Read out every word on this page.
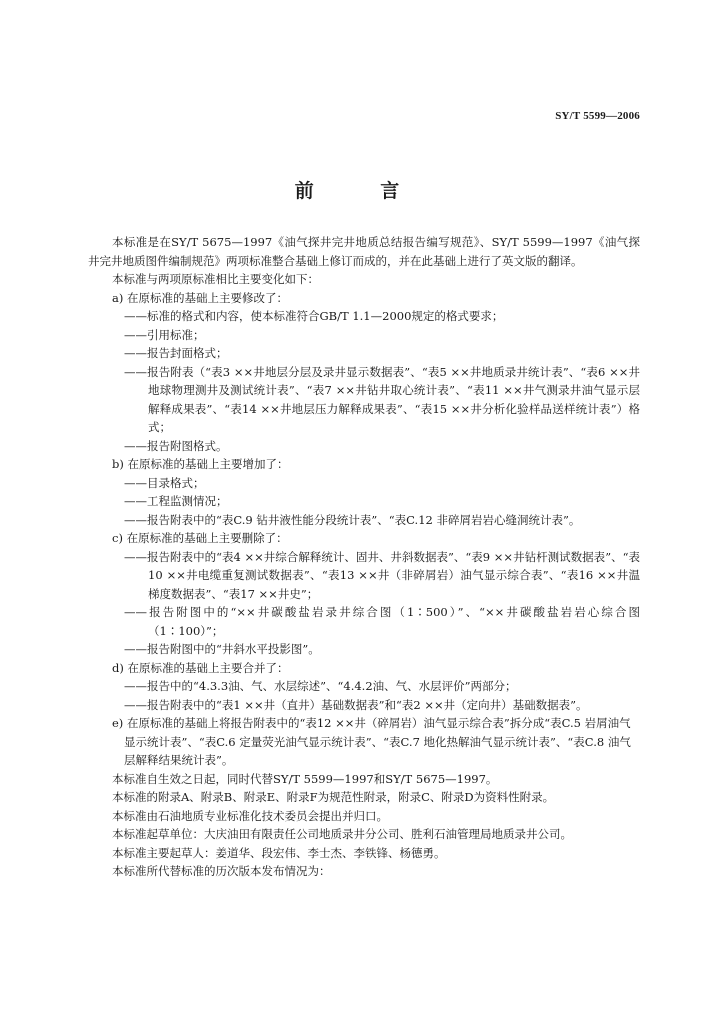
SY/T 5599—2006
前 言

本标准是在SY/T 5675—1997《油气探井完井地质总结报告编写规范》、SY/T 5599—1997《油气探井完井地质图件编制规范》两项标准整合基础上修订而成的，并在此基础上进行了英文版的翻译。

本标准与两项原标准相比主要变化如下：

a) 在原标准的基础上主要修改了：

——标准的格式和内容，使本标准符合GB/T 1.1—2000规定的格式要求；

——引用标准；

——报告封面格式；

——报告附表（“表3 ××井地层分层及录井显示数据表”、“表5 ××井地质录井统计表”、“表6 ××井地球物理测井及测试统计表”、“表7 ××井钻井取心统计表”、“表11 ××井气测录井油气显示层解释成果表”、“表14 ××井地层压力解释成果表”、“表15 ××井分析化验样品送样统计表”）格式；

——报告附图格式。

b) 在原标准的基础上主要增加了：

——目录格式；

——工程监测情况；

——报告附表中的“表C.9 钻井液性能分段统计表”、“表C.12 非碎屑岩岩心缝洞统计表”。

c) 在原标准的基础上主要删除了：

——报告附表中的“表4 ××井综合解释统计、固井、井斜数据表”、“表9 ××井钻杆测试数据表”、“表10 ××井电缆重复测试数据表”、“表13 ××井（非碎屑岩）油气显示综合表”、“表16 ××井温梯度数据表”、“表17 ××井史”；

——报告附图中的“××井碳酸盐岩录井综合图（1∶500）”、“××井碳酸盐岩岩心综合图（1∶100）”；

——报告附图中的“井斜水平投影图”。

d) 在原标准的基础上主要合并了：

——报告中的“4.3.3油、气、水层综述”、“4.4.2油、气、水层评价”两部分；

——报告附表中的“表1 ××井（直井）基础数据表”和“表2 ××井（定向井）基础数据表”。

e) 在原标准的基础上将报告附表中的“表12 ××井（碎屑岩）油气显示综合表”拆分成“表C.5 岩屑油气显示统计表”、“表C.6 定量荧光油气显示统计表”、“表C.7 地化热解油气显示统计表”、“表C.8 油气层解释结果统计表”。

本标准自生效之日起，同时代替SY/T 5599—1997和SY/T 5675—1997。

本标准的附录A、附录B、附录E、附录F为规范性附录，附录C、附录D为资料性附录。

本标准由石油地质专业标准化技术委员会提出并归口。

本标准起草单位：大庆油田有限责任公司地质录井分公司、胜利石油管理局地质录井公司。

本标准主要起草人：姜道华、段宏伟、李士杰、李铁锋、杨德勇。

本标准所代替标准的历次版本发布情况为：
